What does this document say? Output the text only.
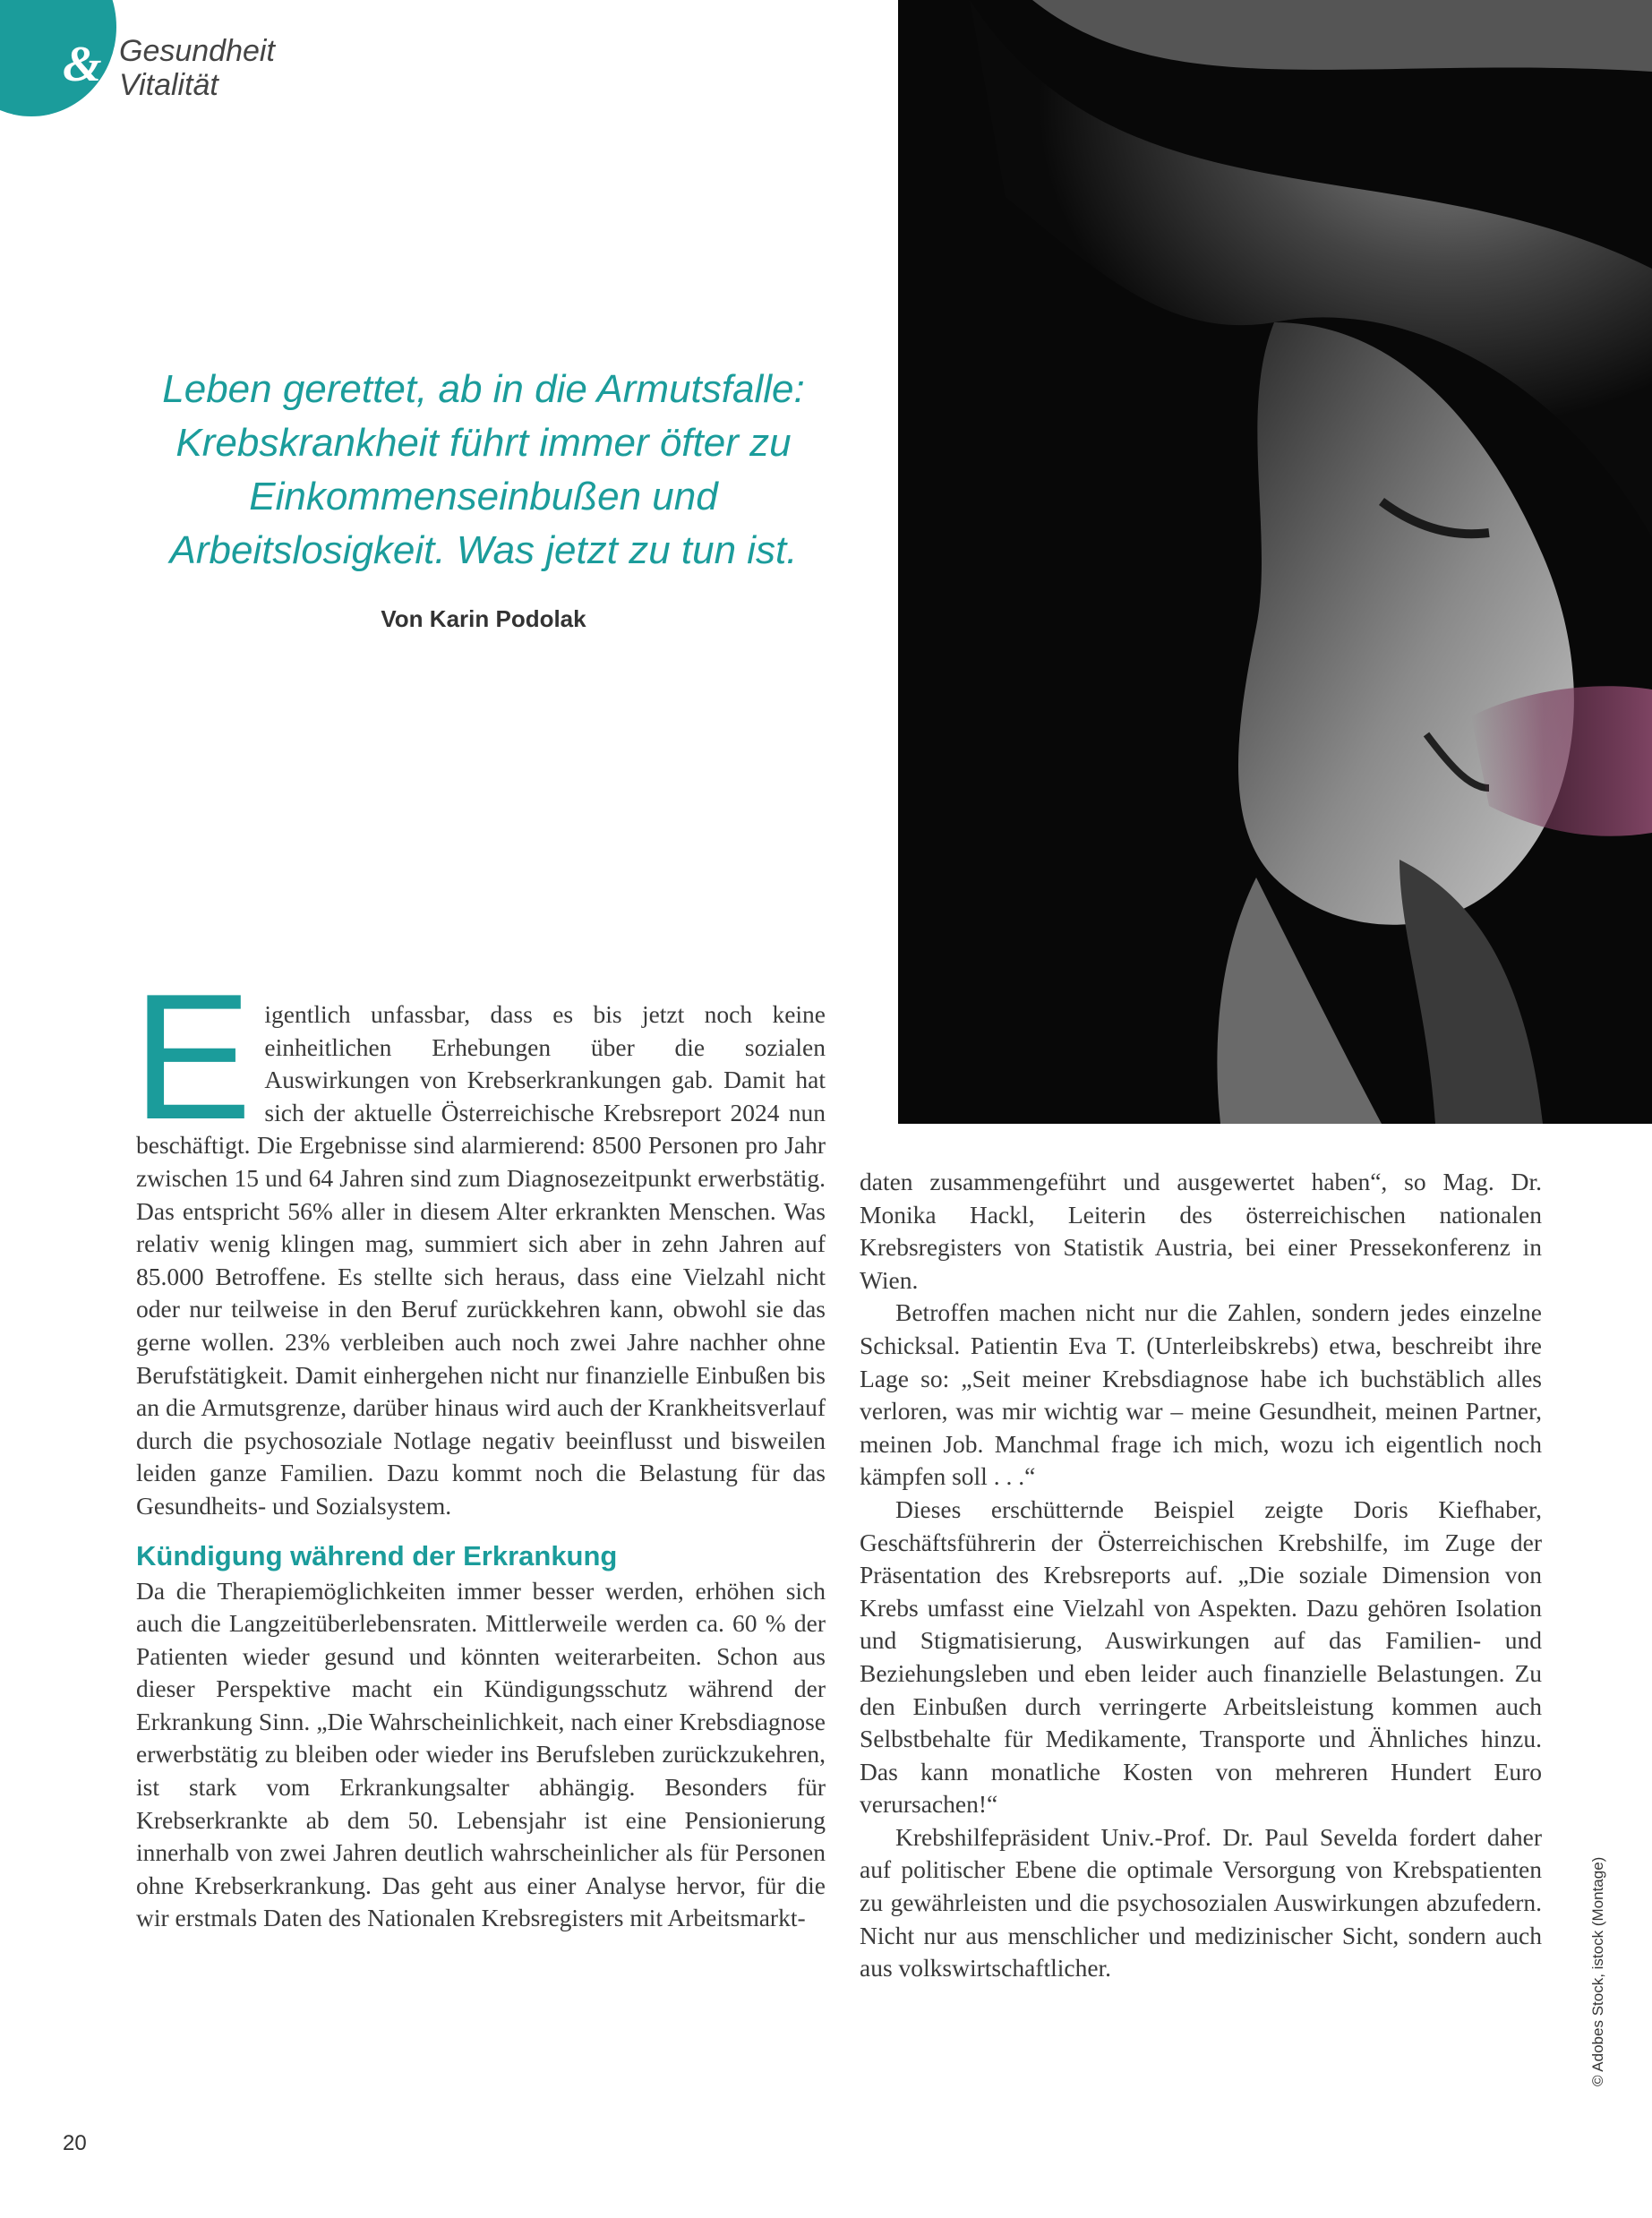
& Gesundheit
Vitalität
Leben gerettet, ab in die Armutsfalle:
Krebskrankheit führt immer öfter zu
Einkommenseinbußen und
Arbeitslosigkeit. Was jetzt zu tun ist.
Von Karin Podolak
E igentlich unfassbar, dass es bis jetzt noch keine einheitlichen Erhebungen über die sozialen Auswirkungen von Krebserkrankungen gab. Damit hat sich der aktuelle Österreichische Krebsreport 2024 nun beschäftigt. Die Ergebnisse sind alarmierend: 8500 Personen pro Jahr zwischen 15 und 64 Jahren sind zum Diagnosezeitpunkt erwerbstätig. Das entspricht 56% aller in diesem Alter erkrankten Menschen. Was relativ wenig klingen mag, summiert sich aber in zehn Jahren auf 85.000 Betroffene. Es stellte sich heraus, dass eine Vielzahl nicht oder nur teilweise in den Beruf zurückkehren kann, obwohl sie das gerne wollen. 23% verbleiben auch noch zwei Jahre nachher ohne Berufstätigkeit. Damit einhergehen nicht nur finanzielle Einbußen bis an die Armutsgrenze, darüber hinaus wird auch der Krankheitsverlauf durch die psychosoziale Notlage negativ beeinflusst und bisweilen leiden ganze Familien. Dazu kommt noch die Belastung für das Gesundheits- und Sozialsystem.

Kündigung während der Erkrankung

Da die Therapiemöglichkeiten immer besser werden, erhöhen sich auch die Langzeitüberlebensraten. Mittlerweile werden ca. 60 % der Patienten wieder gesund und könnten weiterarbeiten. Schon aus dieser Perspektive macht ein Kündigungsschutz während der Erkrankung Sinn. „Die Wahrscheinlichkeit, nach einer Krebsdiagnose erwerbstätig zu bleiben oder wieder ins Berufsleben zurückzukehren, ist stark vom Erkrankungsalter abhängig. Besonders für Krebserkrankte ab dem 50. Lebensjahr ist eine Pensionierung innerhalb von zwei Jahren deutlich wahrscheinlicher als für Personen ohne Krebserkrankung. Das geht aus einer Analyse hervor, für die wir erstmals Daten des Nationalen Krebsregisters mit Arbeitsmarkt-

daten zusammengeführt und ausgewertet haben“, so Mag. Dr. Monika Hackl, Leiterin des österreichischen nationalen Krebsregisters von Statistik Austria, bei einer Pressekonferenz in Wien.

Betroffen machen nicht nur die Zahlen, sondern jedes einzelne Schicksal. Patientin Eva T. (Unterleibskrebs) etwa, beschreibt ihre Lage so: „Seit meiner Krebsdiagnose habe ich buchstäblich alles verloren, was mir wichtig war – meine Gesundheit, meinen Partner, meinen Job. Manchmal frage ich mich, wozu ich eigentlich noch kämpfen soll . . .“

Dieses erschütternde Beispiel zeigte Doris Kiefhaber, Geschäftsführerin der Österreichischen Krebshilfe, im Zuge der Präsentation des Krebsreports auf. „Die soziale Dimension von Krebs umfasst eine Vielzahl von Aspekten. Dazu gehören Isolation und Stigmatisierung, Auswirkungen auf das Familien- und Beziehungsleben und eben leider auch finanzielle Belastungen. Zu den Einbußen durch verringerte Arbeitsleistung kommen auch Selbstbehalte für Medikamente, Transporte und Ähnliches hinzu. Das kann monatliche Kosten von mehreren Hundert Euro verursachen!“

Krebshilfepräsident Univ.-Prof. Dr. Paul Sevelda fordert daher auf politischer Ebene die optimale Versorgung von Krebspatienten zu gewährleisten und die psychosozialen Auswirkungen abzufedern. Nicht nur aus menschlicher und medizinischer Sicht, sondern auch aus volkswirtschaftlicher.	© Adobes Stock, istock (Montage)
20
